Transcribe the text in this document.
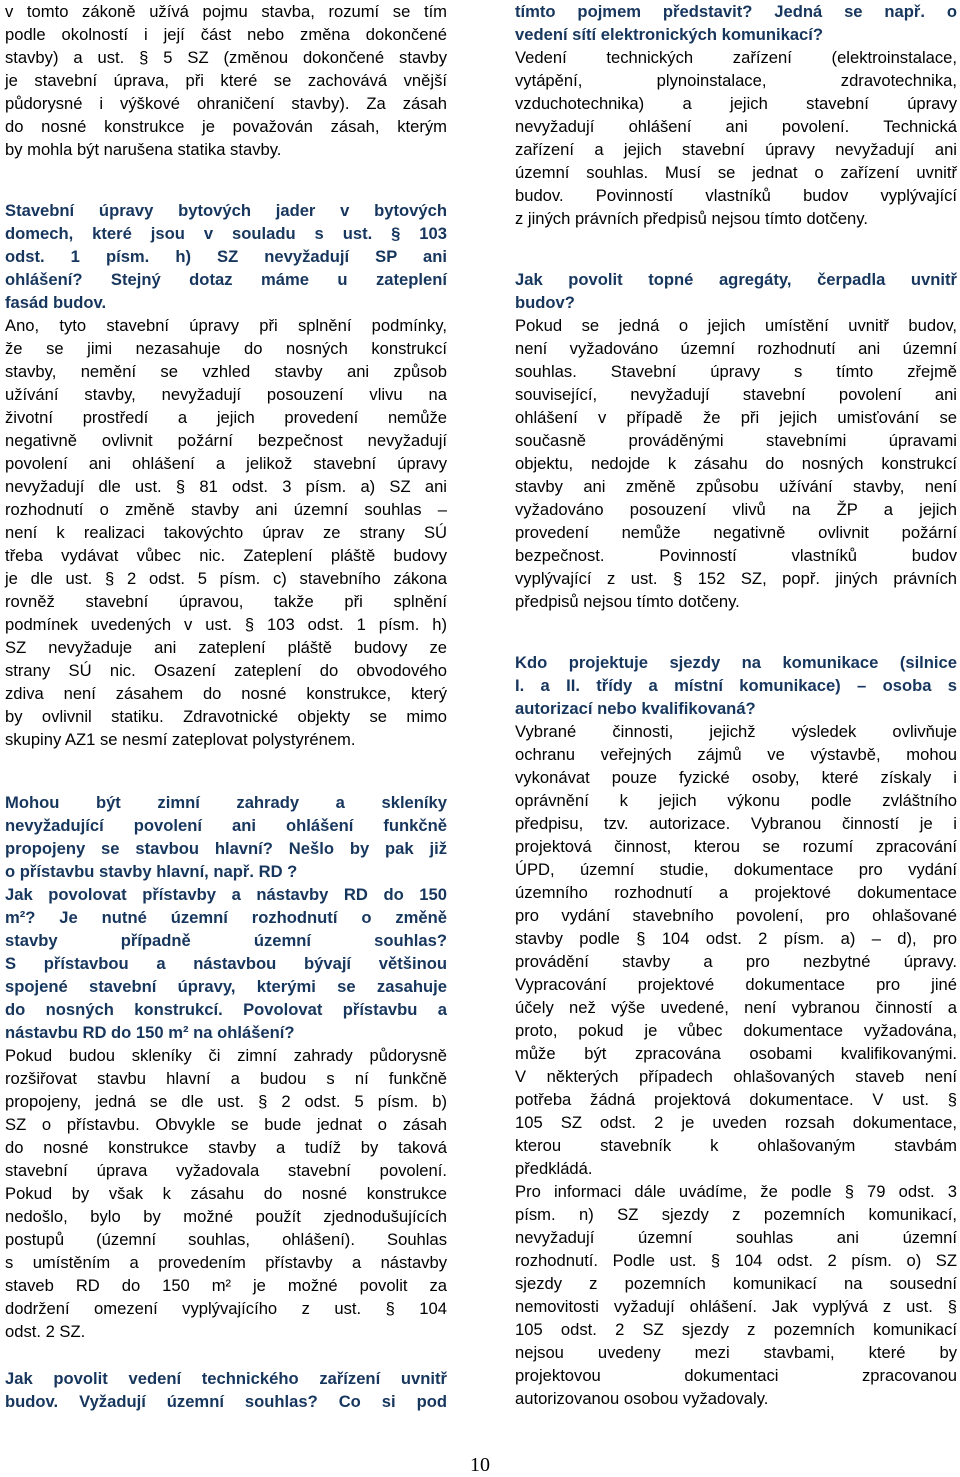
v tomto zákoně užívá pojmu stavba, rozumí se tím
podle okolností i její část nebo změna dokončené
stavby) a ust. § 5 SZ (změnou dokončené stavby
je stavební úprava, při které se zachovává vnější
půdorysné i výškové ohraničení stavby). Za zásah
do nosné konstrukce je považován zásah, kterým
by mohla být narušena statika stavby.
Stavební úpravy bytových jader v bytových
domech, které jsou v souladu s ust. § 103
odst. 1 písm. h) SZ nevyžadují SP ani
ohlášení? Stejný dotaz máme u zateplení
fasád budov.
Ano, tyto stavební úpravy při splnění podmínky,
že se jimi nezasahuje do nosných konstrukcí
stavby, nemění se vzhled stavby ani způsob
užívání stavby, nevyžadují posouzení vlivu na
životní prostředí a jejich provedení nemůže
negativně ovlivnit požární bezpečnost nevyžadují
povolení ani ohlášení a jelikož stavební úpravy
nevyžadují dle ust. § 81 odst. 3 písm. a) SZ ani
rozhodnutí o změně stavby ani územní souhlas –
není k realizaci takovýchto úprav ze strany SÚ
třeba vydávat vůbec nic. Zateplení pláště budovy
je dle ust. § 2 odst. 5 písm. c) stavebního zákona
rovněž stavební úpravou, takže při splnění
podmínek uvedených v ust. § 103 odst. 1 písm. h)
SZ nevyžaduje ani zateplení pláště budovy ze
strany SÚ nic. Osazení zateplení do obvodového
zdiva není zásahem do nosné konstrukce, který
by ovlivnil statiku. Zdravotnické objekty se mimo
skupiny AZ1 se nesmí zateplovat polystyrénem.
Mohou být zimní zahrady a skleníky
nevyžadující povolení ani ohlášení funkčně
propojeny se stavbou hlavní? Nešlo by pak již
o přístavbu stavby hlavní, např. RD ?
Jak povolovat přístavby a nástavby RD do 150
m²? Je nutné územní rozhodnutí o změně
stavby případně územní souhlas?
S přístavbou a nástavbou bývají většinou
spojené stavební úpravy, kterými se zasahuje
do nosných konstrukcí. Povolovat přístavbu a
nástavbu RD do 150 m² na ohlášení?
Pokud budou skleníky či zimní zahrady půdorysně
rozšiřovat stavbu hlavní a budou s ní funkčně
propojeny, jedná se dle ust. § 2 odst. 5 písm. b)
SZ o přístavbu. Obvykle se bude jednat o zásah
do nosné konstrukce stavby a tudíž by taková
stavební úprava vyžadovala stavební povolení.
Pokud by však k zásahu do nosné konstrukce
nedošlo, bylo by možné použít zjednodušujících
postupů (územní souhlas, ohlášení). Souhlas
s umístěním a provedením přístavby a nástavby
staveb RD do 150 m² je možné povolit za
dodržení omezení vyplývajícího z ust. § 104
odst. 2 SZ.
Jak povolit vedení technického zařízení uvnitř
budov. Vyžadují územní souhlas? Co si pod
tímto pojmem představit? Jedná se např. o
vedení sítí elektronických komunikací?
Vedení technických zařízení (elektroinstalace,
vytápění, plynoinstalace, zdravotechnika,
vzduchotechnika) a jejich stavební úpravy
nevyžadují ohlášení ani povolení. Technická
zařízení a jejich stavební úpravy nevyžadují ani
územní souhlas. Musí se jednat o zařízení uvnitř
budov. Povinností vlastníků budov vyplývající
z jiných právních předpisů nejsou tímto dotčeny.
Jak povolit topné agregáty, čerpadla uvnitř
budov?
Pokud se jedná o jejich umístění uvnitř budov,
není vyžadováno územní rozhodnutí ani územní
souhlas. Stavební úpravy s tímto zřejmě
související, nevyžadují stavební povolení ani
ohlášení v případě že při jejich umisťování se
současně prováděnými stavebními úpravami
objektu, nedojde k zásahu do nosných konstrukcí
stavby ani změně způsobu užívání stavby, není
vyžadováno posouzení vlivů na ŽP a jejich
provedení nemůže negativně ovlivnit požární
bezpečnost. Povinností vlastníků budov
vyplývající z ust. § 152 SZ, popř. jiných právních
předpisů nejsou tímto dotčeny.
Kdo projektuje sjezdy na komunikace (silnice
I. a II. třídy a místní komunikace) – osoba s
autorizací nebo kvalifikovaná?
Vybrané činnosti, jejichž výsledek ovlivňuje
ochranu veřejných zájmů ve výstavbě, mohou
vykonávat pouze fyzické osoby, které získaly i
oprávnění k jejich výkonu podle zvláštního
předpisu, tzv. autorizace. Vybranou činností je i
projektová činnost, kterou se rozumí zpracování
ÚPD, územní studie, dokumentace pro vydání
územního rozhodnutí a projektové dokumentace
pro vydání stavebního povolení, pro ohlašované
stavby podle § 104 odst. 2 písm. a) – d), pro
provádění stavby a pro nezbytné úpravy.
Vypracování projektové dokumentace pro jiné
účely než výše uvedené, není vybranou činností a
proto, pokud je vůbec dokumentace vyžadována,
může být zpracována osobami kvalifikovanými.
V některých případech ohlašovaných staveb není
potřeba žádná projektová dokumentace. V ust. §
105 SZ odst. 2 je uveden rozsah dokumentace,
kterou stavebník k ohlašovaným stavbám
předkládá.
Pro informaci dále uvádíme, že podle § 79 odst. 3
písm. n) SZ sjezdy z pozemních komunikací,
nevyžadují územní souhlas ani územní
rozhodnutí. Podle ust. § 104 odst. 2 písm. o) SZ
sjezdy z pozemních komunikací na sousední
nemovitosti vyžadují ohlášení. Jak vyplývá z ust. §
105 odst. 2 SZ sjezdy z pozemních komunikací
nejsou uvedeny mezi stavbami, které by
projektovou dokumentaci zpracovanou
autorizovanou osobou vyžadovaly.
10
